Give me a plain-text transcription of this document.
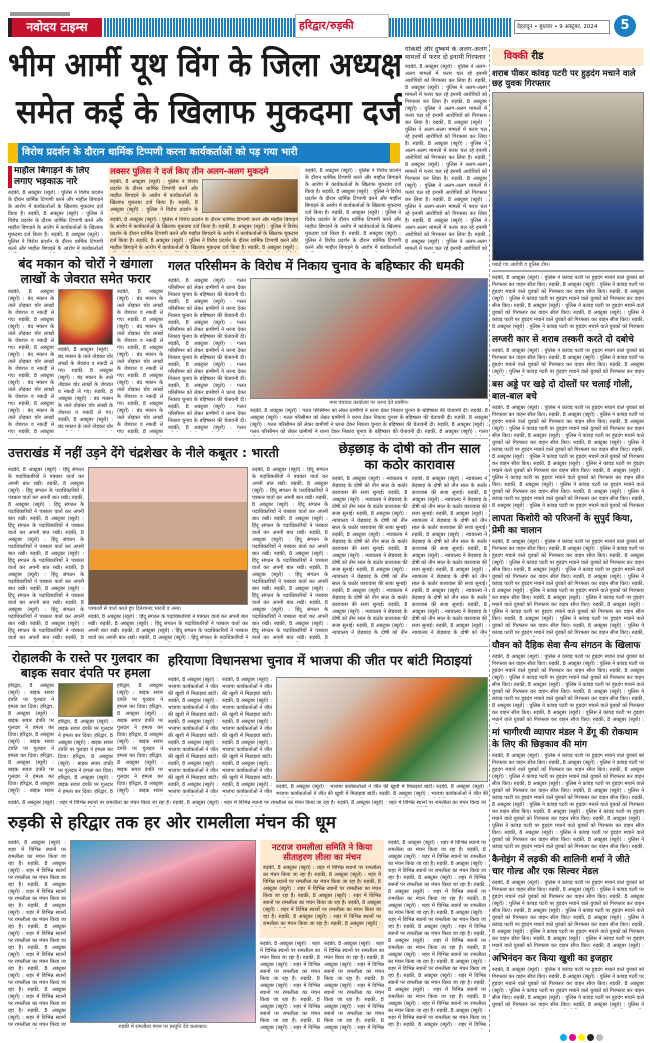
नवोदय टाइम्स	हरिद्वार/रुड़की	देहरादून • बुधवार • 9 अक्टूबर, 2024	5
भीम आर्मी यूथ विंग के जिला अध्यक्ष
समेत कई के खिलाफ मुकदमा दर्ज
विरोध प्रदर्शन के दौरान धार्मिक टिप्पणी करना कार्यकर्ताओं को पड़ गया भारी
माहौल बिगाड़ने के लिए लगाए भड़काऊ नारे
रुड़की, 8 अक्टूबर (ब्यूरो) : पुलिस ने विरोध प्रदर्शन के दौरान धार्मिक टिप्पणी करने और माहौल बिगाड़ने के आरोप में कार्यकर्ताओं के खिलाफ मुकदमा दर्ज किया है। रुड़की, 8 अक्टूबर (ब्यूरो) : पुलिस ने विरोध प्रदर्शन के दौरान धार्मिक टिप्पणी करने और माहौल बिगाड़ने के आरोप में कार्यकर्ताओं के खिलाफ मुकदमा दर्ज किया है। रुड़की, 8 अक्टूबर (ब्यूरो) : पुलिस ने विरोध प्रदर्शन के दौरान धार्मिक टिप्पणी करने और माहौल बिगाड़ने के आरोप में कार्यकर्ताओं
लक्सर पुलिस ने दर्ज किए तीन अलग-अलग मुकदमे
रुड़की, 8 अक्टूबर (ब्यूरो) : पुलिस ने विरोध प्रदर्शन के दौरान धार्मिक टिप्पणी करने और माहौल बिगाड़ने के आरोप में कार्यकर्ताओं के खिलाफ मुकदमा दर्ज किया है। रुड़की, 8 अक्टूबर (ब्यूरो) : पुलिस ने विरोध प्रदर्शन के
रुड़की, 8 अक्टूबर (ब्यूरो) : पुलिस ने विरोध प्रदर्शन के दौरान धार्मिक टिप्पणी करने और माहौल बिगाड़ने के आरोप में कार्यकर्ताओं के खिलाफ मुकदमा दर्ज किया है। रुड़की, 8 अक्टूबर (ब्यूरो) : पुलिस ने विरोध प्रदर्शन के दौरान धार्मिक टिप्पणी करने और माहौल बिगाड़ने के आरोप में कार्यकर्ताओं के खिलाफ मुकदमा दर्ज किया है। रुड़की, 8 अक्टूबर (ब्यूरो) : पुलिस ने विरोध प्रदर्शन के दौरान धार्मिक टिप्पणी करने और माहौल बिगाड़ने के आरोप में कार्यकर्ताओं के खिलाफ मुकदमा दर्ज किया है। रुड़की, 8 अक्टूबर (ब्यूरो) :
रुड़की, 8 अक्टूबर (ब्यूरो) : पुलिस ने विरोध प्रदर्शन के दौरान धार्मिक टिप्पणी करने और माहौल बिगाड़ने के आरोप में कार्यकर्ताओं के खिलाफ मुकदमा दर्ज किया है। रुड़की, 8 अक्टूबर (ब्यूरो) : पुलिस ने विरोध प्रदर्शन के दौरान धार्मिक टिप्पणी करने और माहौल बिगाड़ने के आरोप में कार्यकर्ताओं के खिलाफ मुकदमा दर्ज किया है। रुड़की, 8 अक्टूबर (ब्यूरो) : पुलिस ने विरोध प्रदर्शन के दौरान धार्मिक टिप्पणी करने और माहौल बिगाड़ने के आरोप में कार्यकर्ताओं के खिलाफ मुकदमा दर्ज किया है। रुड़की, 8 अक्टूबर (ब्यूरो) : पुलिस ने विरोध प्रदर्शन के दौरान धार्मिक टिप्पणी करने और माहौल बिगाड़ने के आरोप में कार्यकर्ताओं
गोकशी और दुष्कर्म के अलग-अलग मामलों में फरार दो इनामी गिरफ्तार
रुड़की, 8 अक्टूबर (ब्यूरो) : पुलिस ने अलग-अलग मामलों में फरार चल रहे इनामी आरोपियों को गिरफ्तार कर लिया है। रुड़की, 8 अक्टूबर (ब्यूरो) : पुलिस ने अलग-अलग मामलों में फरार चल रहे इनामी आरोपियों को गिरफ्तार कर लिया है। रुड़की, 8 अक्टूबर (ब्यूरो) : पुलिस ने अलग-अलग मामलों में फरार चल रहे इनामी आरोपियों को गिरफ्तार कर लिया है। रुड़की, 8 अक्टूबर (ब्यूरो) : पुलिस ने अलग-अलग मामलों में फरार चल रहे इनामी आरोपियों को गिरफ्तार कर लिया है। रुड़की, 8 अक्टूबर (ब्यूरो) : पुलिस ने अलग-अलग मामलों में फरार चल रहे इनामी आरोपियों को गिरफ्तार कर लिया है। रुड़की, 8 अक्टूबर (ब्यूरो) : पुलिस ने अलग-अलग मामलों में फरार चल रहे इनामी आरोपियों को गिरफ्तार कर लिया है। रुड़की, 8 अक्टूबर (ब्यूरो) : पुलिस ने अलग-अलग मामलों में फरार चल रहे इनामी आरोपियों को गिरफ्तार कर लिया है। रुड़की, 8 अक्टूबर (ब्यूरो) : पुलिस ने अलग-अलग मामलों में फरार चल रहे इनामी आरोपियों को गिरफ्तार कर लिया है। रुड़की, 8 अक्टूबर (ब्यूरो) : पुलिस ने अलग-अलग मामलों में फरार चल रहे इनामी आरोपियों को गिरफ्तार कर लिया है। रुड़की, 8 अक्टूबर (ब्यूरो) : पुलिस ने अलग-अलग मामलों में फरार चल रहे इनामी आरोपियों को
विक्की रीड
शराब पीकर कांवड़ पटरी पर हुड़दंग मचाने वाले छह युवक गिरफ्तार
पकड़े गए आरोपी व पुलिस टीम।
रुड़की, 8 अक्टूबर (ब्यूरो) : पुलिस ने कांवड़ पटरी पर हुड़दंग मचाने वाले युवकों को गिरफ्तार कर वाहन सीज किए। रुड़की, 8 अक्टूबर (ब्यूरो) : पुलिस ने कांवड़ पटरी पर हुड़दंग मचाने वाले युवकों को गिरफ्तार कर वाहन सीज किए। रुड़की, 8 अक्टूबर (ब्यूरो) : पुलिस ने कांवड़ पटरी पर हुड़दंग मचाने वाले युवकों को गिरफ्तार कर वाहन सीज किए। रुड़की, 8 अक्टूबर (ब्यूरो) : पुलिस ने कांवड़ पटरी पर हुड़दंग मचाने वाले युवकों को गिरफ्तार कर वाहन सीज किए। रुड़की, 8 अक्टूबर (ब्यूरो) : पुलिस ने कांवड़ पटरी पर हुड़दंग मचाने वाले युवकों को गिरफ्तार कर वाहन सीज किए। रुड़की, 8 अक्टूबर (ब्यूरो) : पुलिस ने कांवड़ पटरी पर हुड़दंग मचाने वाले युवकों को गिरफ्तार
लग्जरी कार से शराब तस्करी करते दो दबोचे
रुड़की, 8 अक्टूबर (ब्यूरो) : पुलिस ने कांवड़ पटरी पर हुड़दंग मचाने वाले युवकों को गिरफ्तार कर वाहन सीज किए। रुड़की, 8 अक्टूबर (ब्यूरो) : पुलिस ने कांवड़ पटरी पर हुड़दंग मचाने वाले युवकों को गिरफ्तार कर वाहन सीज किए। रुड़की, 8 अक्टूबर (ब्यूरो) : पुलिस ने कांवड़ पटरी पर हुड़दंग मचाने वाले युवकों को गिरफ्तार कर वाहन
बस अड्डे पर खड़े दो दोस्तों पर चलाई गोली, बाल-बाल बचे
रुड़की, 8 अक्टूबर (ब्यूरो) : पुलिस ने कांवड़ पटरी पर हुड़दंग मचाने वाले युवकों को गिरफ्तार कर वाहन सीज किए। रुड़की, 8 अक्टूबर (ब्यूरो) : पुलिस ने कांवड़ पटरी पर हुड़दंग मचाने वाले युवकों को गिरफ्तार कर वाहन सीज किए। रुड़की, 8 अक्टूबर (ब्यूरो) : पुलिस ने कांवड़ पटरी पर हुड़दंग मचाने वाले युवकों को गिरफ्तार कर वाहन सीज किए। रुड़की, 8 अक्टूबर (ब्यूरो) : पुलिस ने कांवड़ पटरी पर हुड़दंग मचाने वाले युवकों को गिरफ्तार कर वाहन सीज किए। रुड़की, 8 अक्टूबर (ब्यूरो) : पुलिस ने कांवड़ पटरी पर हुड़दंग मचाने वाले युवकों को गिरफ्तार कर वाहन सीज किए। रुड़की, 8 अक्टूबर (ब्यूरो) : पुलिस ने कांवड़ पटरी पर हुड़दंग मचाने वाले युवकों को गिरफ्तार कर वाहन सीज किए। रुड़की, 8 अक्टूबर (ब्यूरो) : पुलिस ने कांवड़ पटरी पर हुड़दंग मचाने वाले युवकों को गिरफ्तार कर वाहन सीज किए। रुड़की, 8 अक्टूबर (ब्यूरो) : पुलिस ने कांवड़ पटरी पर हुड़दंग मचाने वाले युवकों को गिरफ्तार कर वाहन सीज किए। रुड़की, 8 अक्टूबर (ब्यूरो) : पुलिस ने कांवड़ पटरी पर हुड़दंग मचाने वाले युवकों को गिरफ्तार कर वाहन सीज किए। रुड़की, 8 अक्टूबर (ब्यूरो) : पुलिस ने कांवड़ पटरी पर हुड़दंग मचाने वाले युवकों को गिरफ्तार कर वाहन सीज किए। रुड़की, 8 अक्टूबर (ब्यूरो) : पुलिस ने कांवड़ पटरी पर हुड़दंग मचाने वाले युवकों को गिरफ्तार
लापता किशोरी को परिजनों के सुपुर्द किया, प्रेमी का चालान
रुड़की, 8 अक्टूबर (ब्यूरो) : पुलिस ने कांवड़ पटरी पर हुड़दंग मचाने वाले युवकों को गिरफ्तार कर वाहन सीज किए। रुड़की, 8 अक्टूबर (ब्यूरो) : पुलिस ने कांवड़ पटरी पर हुड़दंग मचाने वाले युवकों को गिरफ्तार कर वाहन सीज किए। रुड़की, 8 अक्टूबर (ब्यूरो) : पुलिस ने कांवड़ पटरी पर हुड़दंग मचाने वाले युवकों को गिरफ्तार कर वाहन सीज किए। रुड़की, 8 अक्टूबर (ब्यूरो) : पुलिस ने कांवड़ पटरी पर हुड़दंग मचाने वाले युवकों को गिरफ्तार कर वाहन सीज किए। रुड़की, 8 अक्टूबर (ब्यूरो) : पुलिस ने कांवड़ पटरी पर हुड़दंग मचाने वाले युवकों को गिरफ्तार कर वाहन सीज किए। रुड़की, 8 अक्टूबर (ब्यूरो) : पुलिस ने कांवड़ पटरी पर हुड़दंग मचाने वाले युवकों को गिरफ्तार कर वाहन सीज किए। रुड़की, 8 अक्टूबर (ब्यूरो) : पुलिस ने कांवड़ पटरी पर हुड़दंग मचाने वाले युवकों को गिरफ्तार कर वाहन सीज किए। रुड़की, 8 अक्टूबर (ब्यूरो) : पुलिस ने कांवड़ पटरी पर हुड़दंग मचाने वाले युवकों को गिरफ्तार कर वाहन सीज किए। रुड़की, 8 अक्टूबर (ब्यूरो) : पुलिस ने कांवड़ पटरी पर हुड़दंग मचाने वाले युवकों को गिरफ्तार कर वाहन सीज किए। रुड़की, 8 अक्टूबर (ब्यूरो) : पुलिस ने कांवड़ पटरी पर हुड़दंग मचाने वाले युवकों को गिरफ्तार कर वाहन सीज किए। रुड़की,
यौवन को दैहिक सेवा सैन्य संगठन के खिलाफ
रुड़की, 8 अक्टूबर (ब्यूरो) : पुलिस ने कांवड़ पटरी पर हुड़दंग मचाने वाले युवकों को गिरफ्तार कर वाहन सीज किए। रुड़की, 8 अक्टूबर (ब्यूरो) : पुलिस ने कांवड़ पटरी पर हुड़दंग मचाने वाले युवकों को गिरफ्तार कर वाहन सीज किए। रुड़की, 8 अक्टूबर (ब्यूरो) : पुलिस ने कांवड़ पटरी पर हुड़दंग मचाने वाले युवकों को गिरफ्तार कर वाहन सीज किए। रुड़की, 8 अक्टूबर (ब्यूरो) : पुलिस ने कांवड़ पटरी पर हुड़दंग मचाने वाले युवकों को गिरफ्तार कर वाहन सीज किए। रुड़की, 8 अक्टूबर (ब्यूरो) : पुलिस ने कांवड़ पटरी पर हुड़दंग मचाने वाले युवकों को गिरफ्तार कर वाहन सीज किए। रुड़की, 8 अक्टूबर (ब्यूरो) : पुलिस ने कांवड़ पटरी पर हुड़दंग मचाने वाले युवकों को गिरफ्तार कर वाहन सीज किए। रुड़की, 8 अक्टूबर (ब्यूरो) : पुलिस ने कांवड़ पटरी पर हुड़दंग मचाने वाले युवकों को गिरफ्तार कर वाहन सीज किए। रुड़की, 8 अक्टूबर (ब्यूरो) :
मां भागीरथी व्यापार मंडल ने डेंगू की रोकथाम के लिए की छिड़काव की मांग
रुड़की, 8 अक्टूबर (ब्यूरो) : पुलिस ने कांवड़ पटरी पर हुड़दंग मचाने वाले युवकों को गिरफ्तार कर वाहन सीज किए। रुड़की, 8 अक्टूबर (ब्यूरो) : पुलिस ने कांवड़ पटरी पर हुड़दंग मचाने वाले युवकों को गिरफ्तार कर वाहन सीज किए। रुड़की, 8 अक्टूबर (ब्यूरो) : पुलिस ने कांवड़ पटरी पर हुड़दंग मचाने वाले युवकों को गिरफ्तार कर वाहन सीज किए। रुड़की, 8 अक्टूबर (ब्यूरो) : पुलिस ने कांवड़ पटरी पर हुड़दंग मचाने वाले युवकों को गिरफ्तार कर वाहन सीज किए। रुड़की, 8 अक्टूबर (ब्यूरो) : पुलिस ने कांवड़ पटरी पर हुड़दंग मचाने वाले युवकों को गिरफ्तार कर वाहन सीज किए। रुड़की, 8 अक्टूबर (ब्यूरो) : पुलिस ने कांवड़ पटरी पर हुड़दंग मचाने वाले युवकों को गिरफ्तार कर वाहन सीज किए। रुड़की, 8 अक्टूबर (ब्यूरो) : पुलिस ने कांवड़ पटरी पर हुड़दंग मचाने वाले युवकों को गिरफ्तार कर वाहन सीज किए। रुड़की, 8 अक्टूबर (ब्यूरो) : पुलिस ने कांवड़ पटरी पर हुड़दंग मचाने वाले युवकों को गिरफ्तार कर वाहन सीज किए। रुड़की, 8 अक्टूबर (ब्यूरो) : पुलिस ने कांवड़ पटरी पर हुड़दंग मचाने वाले युवकों को गिरफ्तार कर वाहन सीज किए। रुड़की, 8 अक्टूबर (ब्यूरो) : पुलिस ने कांवड़ पटरी पर हुड़दंग मचाने वाले युवकों को गिरफ्तार कर वाहन सीज किए। रुड़की,
कैनोइंग में लड़की की शालिनी शर्मा ने जीते चार गोल्ड और एक सिल्वर मेडल
रुड़की, 8 अक्टूबर (ब्यूरो) : पुलिस ने कांवड़ पटरी पर हुड़दंग मचाने वाले युवकों को गिरफ्तार कर वाहन सीज किए। रुड़की, 8 अक्टूबर (ब्यूरो) : पुलिस ने कांवड़ पटरी पर हुड़दंग मचाने वाले युवकों को गिरफ्तार कर वाहन सीज किए। रुड़की, 8 अक्टूबर (ब्यूरो) : पुलिस ने कांवड़ पटरी पर हुड़दंग मचाने वाले युवकों को गिरफ्तार कर वाहन सीज किए। रुड़की, 8 अक्टूबर (ब्यूरो) : पुलिस ने कांवड़ पटरी पर हुड़दंग मचाने वाले युवकों को गिरफ्तार कर वाहन सीज किए। रुड़की, 8 अक्टूबर (ब्यूरो) : पुलिस ने कांवड़ पटरी पर हुड़दंग मचाने वाले युवकों को गिरफ्तार कर वाहन सीज किए। रुड़की, 8 अक्टूबर (ब्यूरो) : पुलिस ने कांवड़ पटरी पर हुड़दंग मचाने वाले युवकों को गिरफ्तार कर वाहन सीज किए। रुड़की, 8 अक्टूबर (ब्यूरो) : पुलिस ने कांवड़ पटरी पर हुड़दंग मचाने वाले युवकों को गिरफ्तार कर वाहन सीज किए। रुड़की, 8 अक्टूबर (ब्यूरो) :
अभिनंदन कर किया खुशी का इजहार
रुड़की, 8 अक्टूबर (ब्यूरो) : पुलिस ने कांवड़ पटरी पर हुड़दंग मचाने वाले युवकों को गिरफ्तार कर वाहन सीज किए। रुड़की, 8 अक्टूबर (ब्यूरो) : पुलिस ने कांवड़ पटरी पर हुड़दंग मचाने वाले युवकों को गिरफ्तार कर वाहन सीज किए। रुड़की, 8 अक्टूबर (ब्यूरो) : पुलिस ने कांवड़ पटरी पर हुड़दंग मचाने वाले युवकों को गिरफ्तार कर वाहन सीज किए। रुड़की, 8 अक्टूबर (ब्यूरो) : पुलिस ने कांवड़ पटरी पर हुड़दंग मचाने वाले युवकों को गिरफ्तार कर वाहन सीज किए। रुड़की, 8 अक्टूबर (ब्यूरो) : पुलिस ने
बंद मकान को चोरों ने खंगाला लाखों के जेवरात समेत फरार
रुड़की, 8 अक्टूबर (ब्यूरो) : बंद मकान के ताले तोड़कर चोर लाखों के जेवरात व नकदी ले गए। रुड़की, 8 अक्टूबर (ब्यूरो) : बंद मकान के ताले तोड़कर चोर लाखों के जेवरात व नकदी ले गए। रुड़की, 8 अक्टूबर (ब्यूरो) : बंद मकान के ताले तोड़कर चोर लाखों के जेवरात व नकदी ले गए। रुड़की, 8 अक्टूबर (ब्यूरो) : बंद मकान के ताले तोड़कर चोर लाखों के जेवरात व नकदी ले गए। रुड़की, 8 अक्टूबर (ब्यूरो) : बंद मकान के ताले तोड़कर चोर लाखों के जेवरात व नकदी ले गए। रुड़की, 8 अक्टूबर
रुड़की, 8 अक्टूबर (ब्यूरो) : बंद मकान के ताले तोड़कर चोर लाखों के जेवरात व नकदी ले गए। रुड़की, 8 अक्टूबर (ब्यूरो) : बंद मकान के ताले तोड़कर चोर लाखों के जेवरात व नकदी ले गए। रुड़की, 8 अक्टूबर (ब्यूरो) : बंद मकान के ताले तोड़कर चोर लाखों के जेवरात व नकदी ले गए। रुड़की, 8 अक्टूबर (ब्यूरो) : बंद मकान के ताले तोड़कर चोर
रुड़की, 8 अक्टूबर (ब्यूरो) : बंद मकान के ताले तोड़कर चोर लाखों के जेवरात व नकदी ले गए। रुड़की, 8 अक्टूबर (ब्यूरो) : बंद मकान के ताले तोड़कर चोर लाखों के जेवरात व नकदी ले गए। रुड़की, 8 अक्टूबर (ब्यूरो) : बंद मकान के ताले तोड़कर चोर लाखों के जेवरात व नकदी ले गए। रुड़की, 8 अक्टूबर (ब्यूरो) : बंद मकान के ताले तोड़कर चोर लाखों के जेवरात व नकदी ले गए। रुड़की, 8 अक्टूबर (ब्यूरो) : बंद मकान के ताले तोड़कर चोर लाखों के जेवरात व नकदी ले गए। रुड़की, 8 अक्टूबर
गलत परिसीमन के विरोध में निकाय चुनाव के बहिष्कार की धमकी
रुड़की, 8 अक्टूबर (ब्यूरो) : गलत परिसीमन को लेकर ग्रामीणों ने धरना देकर निकाय चुनाव के बहिष्कार की चेतावनी दी। रुड़की, 8 अक्टूबर (ब्यूरो) : गलत परिसीमन को लेकर ग्रामीणों ने धरना देकर निकाय चुनाव के बहिष्कार की चेतावनी दी। रुड़की, 8 अक्टूबर (ब्यूरो) : गलत परिसीमन को लेकर ग्रामीणों ने धरना देकर निकाय चुनाव के बहिष्कार की चेतावनी दी। रुड़की, 8 अक्टूबर (ब्यूरो) : गलत परिसीमन को लेकर ग्रामीणों ने धरना देकर निकाय चुनाव के बहिष्कार की चेतावनी दी। रुड़की, 8 अक्टूबर (ब्यूरो) : गलत परिसीमन को लेकर ग्रामीणों ने धरना देकर निकाय चुनाव के बहिष्कार की चेतावनी दी। रुड़की, 8 अक्टूबर (ब्यूरो) : गलत परिसीमन को लेकर ग्रामीणों ने धरना देकर निकाय चुनाव के बहिष्कार की चेतावनी दी। रुड़की, 8 अक्टूबर (ब्यूरो) : गलत परिसीमन को लेकर ग्रामीणों ने धरना देकर निकाय चुनाव के बहिष्कार की चेतावनी दी। रुड़की, 8 अक्टूबर (ब्यूरो) : गलत
नगर पंचायत कार्यालय पर धरना देते ग्रामीण।
रुड़की, 8 अक्टूबर (ब्यूरो) : गलत परिसीमन को लेकर ग्रामीणों ने धरना देकर निकाय चुनाव के बहिष्कार की चेतावनी दी। रुड़की, 8 अक्टूबर (ब्यूरो) : गलत परिसीमन को लेकर ग्रामीणों ने धरना देकर निकाय चुनाव के बहिष्कार की चेतावनी दी। रुड़की, 8 अक्टूबर (ब्यूरो) : गलत परिसीमन को लेकर ग्रामीणों ने धरना देकर निकाय चुनाव के बहिष्कार की चेतावनी दी। रुड़की, 8 अक्टूबर (ब्यूरो) : गलत परिसीमन को लेकर ग्रामीणों ने धरना देकर निकाय चुनाव के बहिष्कार की चेतावनी दी। रुड़की, 8 अक्टूबर (ब्यूरो) : गलत
उत्तराखंड में नहीं उड़ने देंगे चंद्रशेखर के नीले कबूतर : भारती
रुड़की, 8 अक्टूबर (ब्यूरो) : हिंदू संगठन के पदाधिकारियों ने पत्रकार वार्ता कर अपनी बात रखी। रुड़की, 8 अक्टूबर (ब्यूरो) : हिंदू संगठन के पदाधिकारियों ने पत्रकार वार्ता कर अपनी बात रखी। रुड़की, 8 अक्टूबर (ब्यूरो) : हिंदू संगठन के पदाधिकारियों ने पत्रकार वार्ता कर अपनी बात रखी। रुड़की, 8 अक्टूबर (ब्यूरो) : हिंदू संगठन के पदाधिकारियों ने पत्रकार वार्ता कर अपनी बात रखी। रुड़की, 8 अक्टूबर (ब्यूरो) : हिंदू संगठन के पदाधिकारियों ने पत्रकार वार्ता कर अपनी बात रखी। रुड़की, 8 अक्टूबर (ब्यूरो) : हिंदू संगठन के पदाधिकारियों ने पत्रकार वार्ता कर अपनी बात रखी। रुड़की, 8 अक्टूबर (ब्यूरो) : हिंदू संगठन के पदाधिकारियों ने पत्रकार वार्ता कर अपनी बात रखी। रुड़की, 8 अक्टूबर (ब्यूरो) : हिंदू संगठन के पदाधिकारियों ने पत्रकार वार्ता कर अपनी बात रखी। रुड़की, 8 अक्टूबर (ब्यूरो) : हिंदू संगठन के पदाधिकारियों ने पत्रकार वार्ता कर अपनी बात रखी। रुड़की, 8 अक्टूबर (ब्यूरो) : हिंदू संगठन के पदाधिकारियों ने पत्रकार वार्ता कर अपनी बात रखी। रुड़की, 8
पत्रकारों से वार्ता करते हुए दिनेशानंद भारती व अन्य।
रुड़की, 8 अक्टूबर (ब्यूरो) : हिंदू संगठन के पदाधिकारियों ने पत्रकार वार्ता कर अपनी बात रखी। रुड़की, 8 अक्टूबर (ब्यूरो) : हिंदू संगठन के पदाधिकारियों ने पत्रकार वार्ता कर अपनी बात रखी। रुड़की, 8 अक्टूबर (ब्यूरो) : हिंदू संगठन के पदाधिकारियों ने पत्रकार वार्ता कर अपनी बात रखी। रुड़की, 8 अक्टूबर (ब्यूरो) : हिंदू संगठन के पदाधिकारियों ने
रुड़की, 8 अक्टूबर (ब्यूरो) : हिंदू संगठन के पदाधिकारियों ने पत्रकार वार्ता कर अपनी बात रखी। रुड़की, 8 अक्टूबर (ब्यूरो) : हिंदू संगठन के पदाधिकारियों ने पत्रकार वार्ता कर अपनी बात रखी। रुड़की, 8 अक्टूबर (ब्यूरो) : हिंदू संगठन के पदाधिकारियों ने पत्रकार वार्ता कर अपनी बात रखी। रुड़की, 8 अक्टूबर (ब्यूरो) : हिंदू संगठन के पदाधिकारियों ने पत्रकार वार्ता कर अपनी बात रखी। रुड़की, 8 अक्टूबर (ब्यूरो) : हिंदू संगठन के पदाधिकारियों ने पत्रकार वार्ता कर अपनी बात रखी। रुड़की, 8 अक्टूबर (ब्यूरो) : हिंदू संगठन के पदाधिकारियों ने पत्रकार वार्ता कर अपनी बात रखी। रुड़की, 8 अक्टूबर (ब्यूरो) : हिंदू संगठन के पदाधिकारियों ने पत्रकार वार्ता कर अपनी बात रखी। रुड़की, 8 अक्टूबर (ब्यूरो) : हिंदू संगठन के पदाधिकारियों ने पत्रकार वार्ता कर अपनी बात रखी। रुड़की, 8 अक्टूबर (ब्यूरो) : हिंदू संगठन के पदाधिकारियों ने पत्रकार वार्ता कर अपनी बात रखी। रुड़की, 8 अक्टूबर (ब्यूरो) : हिंदू संगठन के पदाधिकारियों ने पत्रकार वार्ता कर अपनी बात रखी। रुड़की, 8
छेड़छाड़ के दोषी को तीन साल का कठोर कारावास
रुड़की, 8 अक्टूबर (ब्यूरो) : न्यायालय ने छेड़छाड़ के दोषी को तीन साल के कठोर कारावास की सजा सुनाई। रुड़की, 8 अक्टूबर (ब्यूरो) : न्यायालय ने छेड़छाड़ के दोषी को तीन साल के कठोर कारावास की सजा सुनाई। रुड़की, 8 अक्टूबर (ब्यूरो) : न्यायालय ने छेड़छाड़ के दोषी को तीन साल के कठोर कारावास की सजा सुनाई। रुड़की, 8 अक्टूबर (ब्यूरो) : न्यायालय ने छेड़छाड़ के दोषी को तीन साल के कठोर कारावास की सजा सुनाई। रुड़की, 8 अक्टूबर (ब्यूरो) : न्यायालय ने छेड़छाड़ के दोषी को तीन साल के कठोर कारावास की सजा सुनाई। रुड़की, 8 अक्टूबर (ब्यूरो) : न्यायालय ने छेड़छाड़ के दोषी को तीन साल के कठोर कारावास की सजा सुनाई। रुड़की, 8 अक्टूबर (ब्यूरो) : न्यायालय ने छेड़छाड़ के दोषी को तीन साल के कठोर कारावास की सजा सुनाई। रुड़की, 8 अक्टूबर (ब्यूरो) : न्यायालय ने छेड़छाड़ के दोषी को तीन साल के कठोर कारावास की सजा सुनाई। रुड़की, 8 अक्टूबर (ब्यूरो) : न्यायालय ने छेड़छाड़ के दोषी को तीन
रुड़की, 8 अक्टूबर (ब्यूरो) : न्यायालय ने छेड़छाड़ के दोषी को तीन साल के कठोर कारावास की सजा सुनाई। रुड़की, 8 अक्टूबर (ब्यूरो) : न्यायालय ने छेड़छाड़ के दोषी को तीन साल के कठोर कारावास की सजा सुनाई। रुड़की, 8 अक्टूबर (ब्यूरो) : न्यायालय ने छेड़छाड़ के दोषी को तीन साल के कठोर कारावास की सजा सुनाई। रुड़की, 8 अक्टूबर (ब्यूरो) : न्यायालय ने छेड़छाड़ के दोषी को तीन साल के कठोर कारावास की सजा सुनाई। रुड़की, 8 अक्टूबर (ब्यूरो) : न्यायालय ने छेड़छाड़ के दोषी को तीन साल के कठोर कारावास की सजा सुनाई। रुड़की, 8 अक्टूबर (ब्यूरो) : न्यायालय ने छेड़छाड़ के दोषी को तीन साल के कठोर कारावास की सजा सुनाई। रुड़की, 8 अक्टूबर (ब्यूरो) : न्यायालय ने छेड़छाड़ के दोषी को तीन साल के कठोर कारावास की सजा सुनाई। रुड़की, 8 अक्टूबर (ब्यूरो) : न्यायालय ने छेड़छाड़ के दोषी को तीन साल के कठोर कारावास की सजा सुनाई। रुड़की, 8 अक्टूबर (ब्यूरो) : न्यायालय ने छेड़छाड़ के दोषी को तीन
रोहालकी के रास्ते पर गुलदार का बाइक सवार दंपति पर हमला
हरिद्वार, 8 अक्टूबर (ब्यूरो) : बाइक सवार दंपति पर गुलदार ने हमला कर दिया। हरिद्वार, 8 अक्टूबर (ब्यूरो) : बाइक सवार दंपति पर गुलदार ने हमला कर दिया। हरिद्वार, 8 अक्टूबर (ब्यूरो) : बाइक सवार दंपति पर गुलदार ने हमला कर दिया। हरिद्वार, 8 अक्टूबर (ब्यूरो) : बाइक सवार दंपति पर गुलदार ने हमला कर दिया। हरिद्वार, 8 अक्टूबर (ब्यूरो) : बाइक सवार
हरिद्वार, 8 अक्टूबर (ब्यूरो) : बाइक सवार दंपति पर गुलदार ने हमला कर दिया। हरिद्वार, 8 अक्टूबर (ब्यूरो) : बाइक सवार दंपति पर गुलदार ने हमला कर दिया। हरिद्वार, 8 अक्टूबर (ब्यूरो) : बाइक सवार दंपति पर गुलदार ने हमला कर दिया। हरिद्वार, 8 अक्टूबर (ब्यूरो) : बाइक सवार दंपति पर गुलदार ने हमला कर दिया। हरिद्वार, 8
हरिद्वार, 8 अक्टूबर (ब्यूरो) : बाइक सवार दंपति पर गुलदार ने हमला कर दिया। हरिद्वार, 8 अक्टूबर (ब्यूरो) : बाइक सवार दंपति पर गुलदार ने हमला कर दिया। हरिद्वार, 8 अक्टूबर (ब्यूरो) : बाइक सवार दंपति पर गुलदार ने हमला कर दिया। हरिद्वार, 8 अक्टूबर (ब्यूरो) : बाइक सवार दंपति पर गुलदार ने हमला कर दिया। हरिद्वार, 8 अक्टूबर (ब्यूरो) : बाइक सवार
हरियाणा विधानसभा चुनाव में भाजपा की जीत पर बांटी मिठाइयां
रुड़की, 8 अक्टूबर (ब्यूरो) : भाजपा कार्यकर्ताओं ने जीत की खुशी में मिठाइयां बांटी। रुड़की, 8 अक्टूबर (ब्यूरो) : भाजपा कार्यकर्ताओं ने जीत की खुशी में मिठाइयां बांटी। रुड़की, 8 अक्टूबर (ब्यूरो) : भाजपा कार्यकर्ताओं ने जीत की खुशी में मिठाइयां बांटी। रुड़की, 8 अक्टूबर (ब्यूरो) : भाजपा कार्यकर्ताओं ने जीत की खुशी में मिठाइयां बांटी। रुड़की, 8 अक्टूबर (ब्यूरो) : भाजपा कार्यकर्ताओं ने जीत की खुशी में मिठाइयां बांटी। रुड़की, 8 अक्टूबर (ब्यूरो) : भाजपा कार्यकर्ताओं ने जीत
रुड़की, 8 अक्टूबर (ब्यूरो) : भाजपा कार्यकर्ताओं ने जीत की खुशी में मिठाइयां बांटी। रुड़की, 8 अक्टूबर (ब्यूरो) : भाजपा कार्यकर्ताओं ने जीत की खुशी में मिठाइयां बांटी। रुड़की, 8 अक्टूबर (ब्यूरो) : भाजपा कार्यकर्ताओं ने जीत की खुशी में मिठाइयां बांटी। रुड़की, 8 अक्टूबर (ब्यूरो) : भाजपा कार्यकर्ताओं ने जीत की खुशी में मिठाइयां बांटी। रुड़की, 8 अक्टूबर (ब्यूरो) : भाजपा कार्यकर्ताओं ने जीत की खुशी में मिठाइयां बांटी। रुड़की, 8 अक्टूबर (ब्यूरो) : भाजपा कार्यकर्ताओं ने जीत
रुड़की, 8 अक्टूबर (ब्यूरो) : भाजपा कार्यकर्ताओं ने जीत की खुशी में मिठाइयां बांटी। रुड़की, 8 अक्टूबर (ब्यूरो) : भाजपा कार्यकर्ताओं ने जीत की खुशी में मिठाइयां बांटी। रुड़की, 8 अक्टूबर (ब्यूरो) : भाजपा कार्यकर्ताओं ने जीत की
रुड़की, 8 अक्टूबर (ब्यूरो) : शहर में विभिन्न स्थानों पर रामलीला का मंचन किया जा रहा है। रुड़की, 8 अक्टूबर (ब्यूरो) : शहर में विभिन्न स्थानों पर रामलीला का मंचन किया जा रहा है। रुड़की, 8 अक्टूबर (ब्यूरो) : शहर में विभिन्न स्थानों पर रामलीला का मंचन किया जा
रुड़की से हरिद्वार तक हर ओर रामलीला मंचन की धूम
रुड़की, 8 अक्टूबर (ब्यूरो) : शहर में विभिन्न स्थानों पर रामलीला का मंचन किया जा रहा है। रुड़की, 8 अक्टूबर (ब्यूरो) : शहर में विभिन्न स्थानों पर रामलीला का मंचन किया जा रहा है। रुड़की, 8 अक्टूबर (ब्यूरो) : शहर में विभिन्न स्थानों पर रामलीला का मंचन किया जा रहा है। रुड़की, 8 अक्टूबर (ब्यूरो) : शहर में विभिन्न स्थानों पर रामलीला का मंचन किया जा रहा है। रुड़की, 8 अक्टूबर (ब्यूरो) : शहर में विभिन्न स्थानों पर रामलीला का मंचन किया जा रहा है। रुड़की, 8 अक्टूबर (ब्यूरो) : शहर में विभिन्न स्थानों पर रामलीला का मंचन किया जा रहा है। रुड़की, 8 अक्टूबर (ब्यूरो) : शहर में विभिन्न स्थानों पर रामलीला का मंचन किया जा रहा है। रुड़की, 8 अक्टूबर (ब्यूरो) : शहर में विभिन्न स्थानों पर रामलीला का मंचन किया जा रहा है। रुड़की, 8 अक्टूबर (ब्यूरो) : शहर में विभिन्न स्थानों पर रामलीला का मंचन किया जा	रुड़की में रामलीला मंचन पर प्रस्तुति देते कलाकार।
नटराज रामलीला समिति ने किया सीताहरण लीला का मंचन
रुड़की, 8 अक्टूबर (ब्यूरो) : शहर में विभिन्न स्थानों पर रामलीला का मंचन किया जा रहा है। रुड़की, 8 अक्टूबर (ब्यूरो) : शहर में विभिन्न स्थानों पर रामलीला का मंचन किया जा रहा है। रुड़की, 8 अक्टूबर (ब्यूरो) : शहर में विभिन्न स्थानों पर रामलीला का मंचन किया जा रहा है। रुड़की, 8 अक्टूबर (ब्यूरो) : शहर में विभिन्न स्थानों पर रामलीला का मंचन किया जा रहा है। रुड़की, 8 अक्टूबर (ब्यूरो) : शहर में विभिन्न स्थानों पर रामलीला का मंचन किया जा रहा है। रुड़की, 8 अक्टूबर (ब्यूरो) : शहर में विभिन्न स्थानों पर रामलीला का मंचन किया जा रहा है। रुड़की, 8 अक्टूबर (ब्यूरो) :
रुड़की, 8 अक्टूबर (ब्यूरो) : शहर में विभिन्न स्थानों पर रामलीला का मंचन किया जा रहा है। रुड़की, 8 अक्टूबर (ब्यूरो) : शहर में विभिन्न स्थानों पर रामलीला का मंचन किया जा रहा है। रुड़की, 8 अक्टूबर (ब्यूरो) : शहर में विभिन्न स्थानों पर रामलीला का मंचन किया जा रहा है। रुड़की, 8 अक्टूबर (ब्यूरो) : शहर में विभिन्न स्थानों पर रामलीला का मंचन किया जा रहा है। रुड़की, 8 अक्टूबर (ब्यूरो) : शहर में विभिन्न
रुड़की, 8 अक्टूबर (ब्यूरो) : शहर में विभिन्न स्थानों पर रामलीला का मंचन किया जा रहा है। रुड़की, 8 अक्टूबर (ब्यूरो) : शहर में विभिन्न स्थानों पर रामलीला का मंचन किया जा रहा है। रुड़की, 8 अक्टूबर (ब्यूरो) : शहर में विभिन्न स्थानों पर रामलीला का मंचन किया जा रहा है। रुड़की, 8 अक्टूबर (ब्यूरो) : शहर में विभिन्न स्थानों पर रामलीला का मंचन किया जा रहा है। रुड़की, 8 अक्टूबर (ब्यूरो) : शहर में विभिन्न
रुड़की, 8 अक्टूबर (ब्यूरो) : शहर में विभिन्न स्थानों पर रामलीला का मंचन किया जा रहा है। रुड़की, 8 अक्टूबर (ब्यूरो) : शहर में विभिन्न स्थानों पर रामलीला का मंचन किया जा रहा है। रुड़की, 8 अक्टूबर (ब्यूरो) : शहर में विभिन्न स्थानों पर रामलीला का मंचन किया जा रहा है। रुड़की, 8 अक्टूबर (ब्यूरो) : शहर में विभिन्न स्थानों पर रामलीला का मंचन किया जा रहा है। रुड़की, 8 अक्टूबर (ब्यूरो) : शहर में विभिन्न स्थानों पर रामलीला का मंचन किया जा रहा है। रुड़की, 8 अक्टूबर (ब्यूरो) : शहर में विभिन्न स्थानों पर रामलीला का मंचन किया जा रहा है। रुड़की, 8 अक्टूबर (ब्यूरो) : शहर में विभिन्न स्थानों पर रामलीला का मंचन किया जा रहा है। रुड़की, 8 अक्टूबर (ब्यूरो) : शहर में विभिन्न स्थानों पर रामलीला का मंचन किया जा रहा है। रुड़की, 8 अक्टूबर (ब्यूरो) : शहर में विभिन्न स्थानों पर रामलीला का मंचन किया जा रहा है। रुड़की, 8 अक्टूबर (ब्यूरो) : शहर में विभिन्न स्थानों पर रामलीला का मंचन किया जा रहा है। रुड़की, 8 अक्टूबर (ब्यूरो) : शहर में विभिन्न स्थानों पर रामलीला का मंचन किया जा रहा है। रुड़की, 8 अक्टूबर (ब्यूरो) : शहर में विभिन्न स्थानों पर रामलीला का मंचन किया जा रहा है। रुड़की, 8 अक्टूबर (ब्यूरो) : शहर में विभिन्न स्थानों पर रामलीला का मंचन किया जा रहा है। रुड़की, 8 अक्टूबर (ब्यूरो) : शहर में विभिन्न स्थानों पर रामलीला का मंचन किया जा रहा है। रुड़की, 8 अक्टूबर (ब्यूरो) : शहर में विभिन्न स्थानों पर रामलीला का मंचन किया जा रहा है। रुड़की, 8 अक्टूबर (ब्यूरो) : शहर में विभिन्न
